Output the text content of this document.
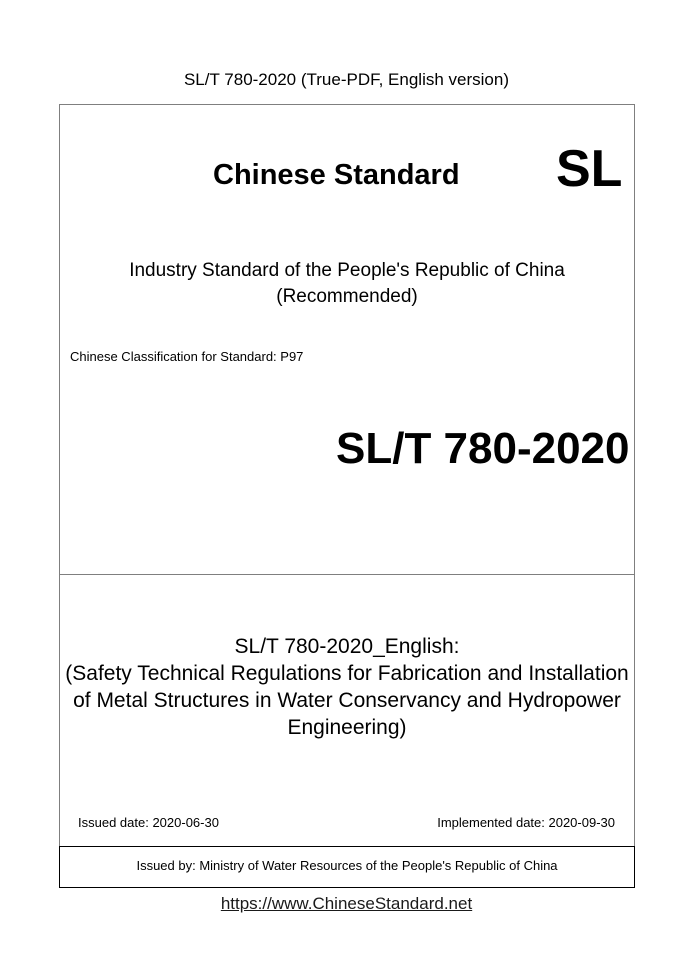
SL/T 780-2020 (True-PDF, English version)
Chinese Standard SL
Industry Standard of the People's Republic of China
(Recommended)
Chinese Classification for Standard: P97
SL/T 780-2020
SL/T 780-2020_English:
(Safety Technical Regulations for Fabrication and Installation
of Metal Structures in Water Conservancy and Hydropower
Engineering)
Issued date: 2020-06-30	Implemented date: 2020-09-30
Issued by: Ministry of Water Resources of the People's Republic of China
https://www.ChineseStandard.net
